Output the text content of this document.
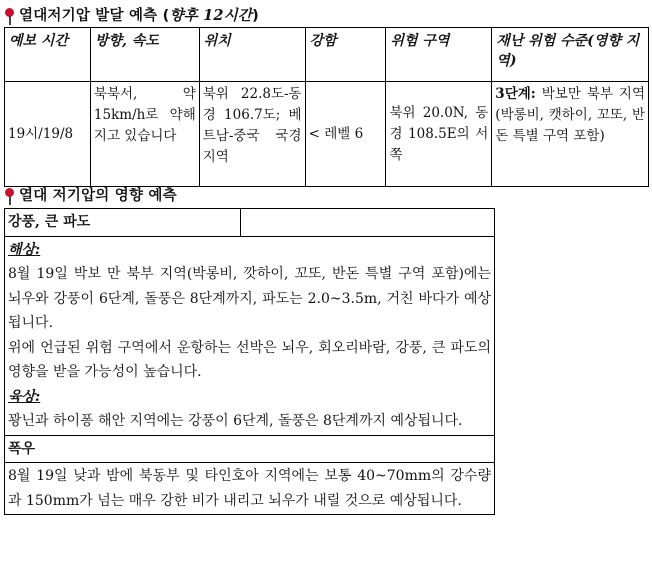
열대저기압 발달 예측 (향후 12시간)
예보 시간	방향, 속도	위치	강함	위험 구역	재난 위험 수준(영향 지역)
19시/19/8	북북서, 약 15km/h로 약해지고 있습니다	북위 22.8도-동경 106.7도; 베트남-중국 국경 지역	< 레벨 6	북위 20.0N, 동경 108.5E의 서쪽	3단계: 박보만 북부 지역(박롱비, 캣하이, 꼬또, 반돈 특별 구역 포함)
열대 저기압의 영향 예측
강풍, 큰 파도	

해상:
8월 19일 박보 만 북부 지역(박롱비, 깟하이, 꼬또, 반돈 특별 구역 포함)에는 뇌우와 강풍이 6단계, 돌풍은 8단계까지, 파도는 2.0~3.5m, 거친 바다가 예상됩니다.
위에 언급된 위험 구역에서 운항하는 선박은 뇌우, 회오리바람, 강풍, 큰 파도의 영향을 받을 가능성이 높습니다.
육상:
꽝닌과 하이퐁 해안 지역에는 강풍이 6단계, 돌풍은 8단계까지 예상됩니다.

폭우
8월 19일 낮과 밤에 북동부 및 타인호아 지역에는 보통 40~70mm의 강수량과 150mm가 넘는 매우 강한 비가 내리고 뇌우가 내릴 것으로 예상됩니다.
